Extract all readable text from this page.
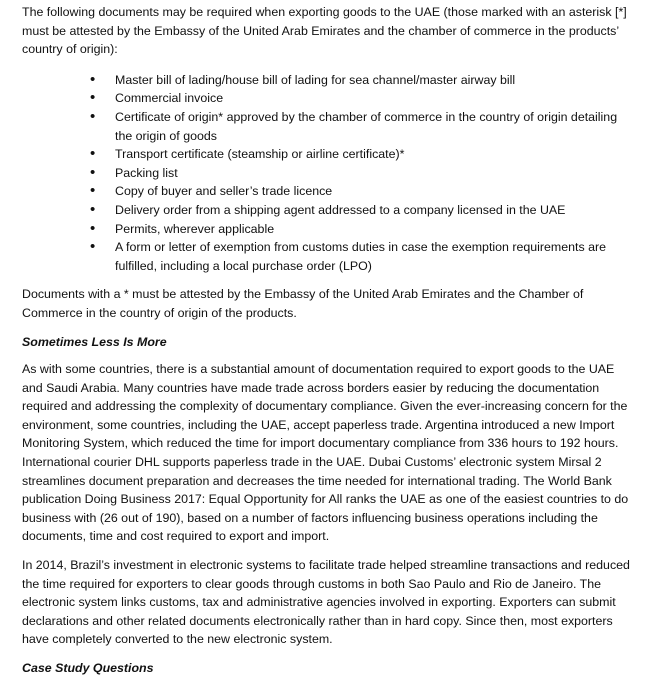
The following documents may be required when exporting goods to the UAE (those marked with an asterisk [*] must be attested by the Embassy of the United Arab Emirates and the chamber of commerce in the products’ country of origin):

• Master bill of lading/house bill of lading for sea channel/master airway bill
• Commercial invoice
• Certificate of origin* approved by the chamber of commerce in the country of origin detailing the origin of goods
• Transport certificate (steamship or airline certificate)*
• Packing list
• Copy of buyer and seller’s trade licence
• Delivery order from a shipping agent addressed to a company licensed in the UAE
• Permits, wherever applicable
• A form or letter of exemption from customs duties in case the exemption requirements are fulfilled, including a local purchase order (LPO)

Documents with a * must be attested by the Embassy of the United Arab Emirates and the Chamber of Commerce in the country of origin of the products.

Sometimes Less Is More

As with some countries, there is a substantial amount of documentation required to export goods to the UAE and Saudi Arabia. Many countries have made trade across borders easier by reducing the documentation required and addressing the complexity of documentary compliance. Given the ever-increasing concern for the environment, some countries, including the UAE, accept paperless trade. Argentina introduced a new Import Monitoring System, which reduced the time for import documentary compliance from 336 hours to 192 hours. International courier DHL supports paperless trade in the UAE. Dubai Customs’ electronic system Mirsal 2 streamlines document preparation and decreases the time needed for international trading. The World Bank publication Doing Business 2017: Equal Opportunity for All ranks the UAE as one of the easiest countries to do business with (26 out of 190), based on a number of factors influencing business operations including the documents, time and cost required to export and import.

In 2014, Brazil’s investment in electronic systems to facilitate trade helped streamline transactions and reduced the time required for exporters to clear goods through customs in both Sao Paulo and Rio de Janeiro. The electronic system links customs, tax and administrative agencies involved in exporting. Exporters can submit declarations and other related documents electronically rather than in hard copy. Since then, most exporters have completely converted to the new electronic system.

Case Study Questions
